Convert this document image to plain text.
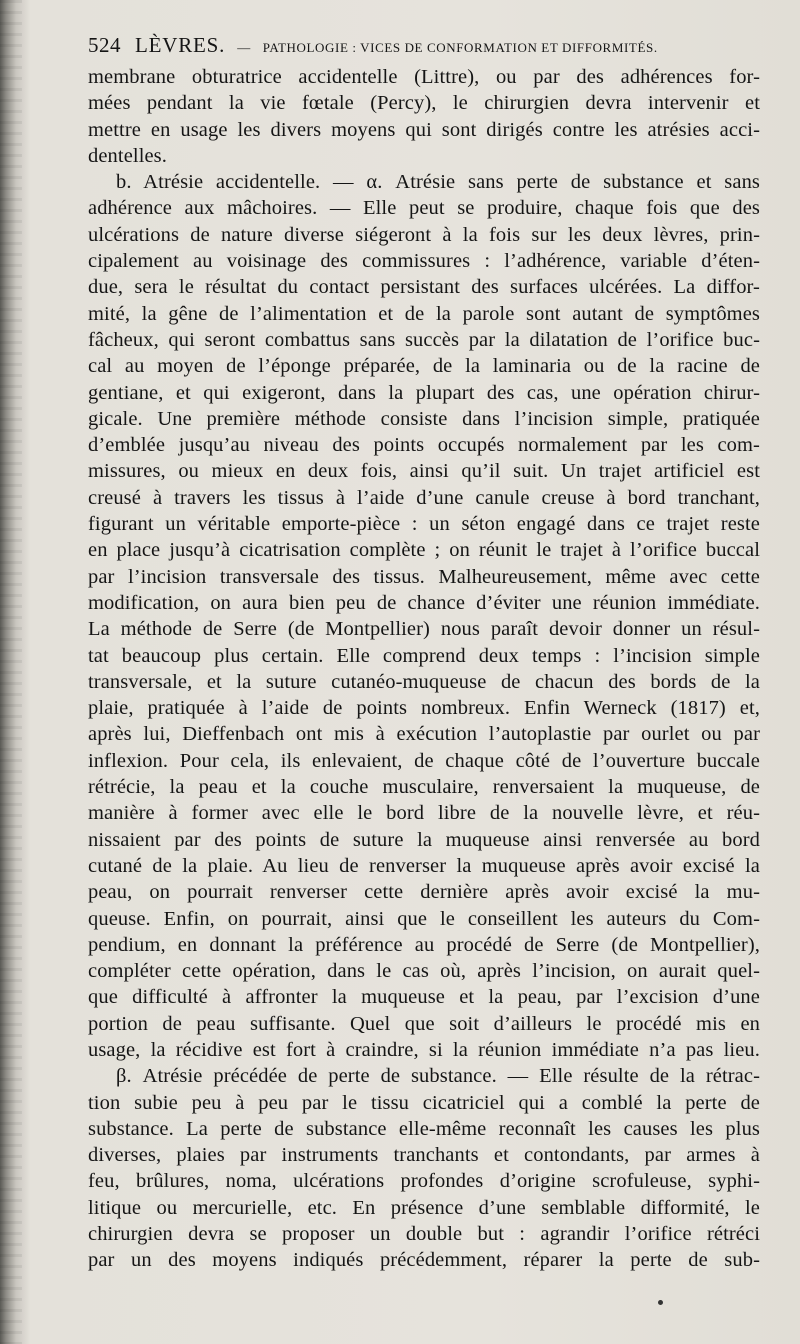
524 LÈVRES. — PATHOLOGIE : VICES DE CONFORMATION ET DIFFORMITÉS.
membrane obturatrice accidentelle (Littre), ou par des adhérences for-
mées pendant la vie fœtale (Percy), le chirurgien devra intervenir et
mettre en usage les divers moyens qui sont dirigés contre les atrésies acci-
dentelles.
b. Atrésie accidentelle. — α. Atrésie sans perte de substance et sans
adhérence aux mâchoires. — Elle peut se produire, chaque fois que des
ulcérations de nature diverse siégeront à la fois sur les deux lèvres, prin-
cipalement au voisinage des commissures : l’adhérence, variable d’éten-
due, sera le résultat du contact persistant des surfaces ulcérées. La diffor-
mité, la gêne de l’alimentation et de la parole sont autant de symptômes
fâcheux, qui seront combattus sans succès par la dilatation de l’orifice buc-
cal au moyen de l’éponge préparée, de la laminaria ou de la racine de
gentiane, et qui exigeront, dans la plupart des cas, une opération chirur-
gicale. Une première méthode consiste dans l’incision simple, pratiquée
d’emblée jusqu’au niveau des points occupés normalement par les com-
missures, ou mieux en deux fois, ainsi qu’il suit. Un trajet artificiel est
creusé à travers les tissus à l’aide d’une canule creuse à bord tranchant,
figurant un véritable emporte-pièce : un séton engagé dans ce trajet reste
en place jusqu’à cicatrisation complète ; on réunit le trajet à l’orifice buccal
par l’incision transversale des tissus. Malheureusement, même avec cette
modification, on aura bien peu de chance d’éviter une réunion immédiate.
La méthode de Serre (de Montpellier) nous paraît devoir donner un résul-
tat beaucoup plus certain. Elle comprend deux temps : l’incision simple
transversale, et la suture cutanéo-muqueuse de chacun des bords de la
plaie, pratiquée à l’aide de points nombreux. Enfin Werneck (1817) et,
après lui, Dieffenbach ont mis à exécution l’autoplastie par ourlet ou par
inflexion. Pour cela, ils enlevaient, de chaque côté de l’ouverture buccale
rétrécie, la peau et la couche musculaire, renversaient la muqueuse, de
manière à former avec elle le bord libre de la nouvelle lèvre, et réu-
nissaient par des points de suture la muqueuse ainsi renversée au bord
cutané de la plaie. Au lieu de renverser la muqueuse après avoir excisé la
peau, on pourrait renverser cette dernière après avoir excisé la mu-
queuse. Enfin, on pourrait, ainsi que le conseillent les auteurs du Com-
pendium, en donnant la préférence au procédé de Serre (de Montpellier),
compléter cette opération, dans le cas où, après l’incision, on aurait quel-
que difficulté à affronter la muqueuse et la peau, par l’excision d’une
portion de peau suffisante. Quel que soit d’ailleurs le procédé mis en
usage, la récidive est fort à craindre, si la réunion immédiate n’a pas lieu.
β. Atrésie précédée de perte de substance. — Elle résulte de la rétrac-
tion subie peu à peu par le tissu cicatriciel qui a comblé la perte de
substance. La perte de substance elle-même reconnaît les causes les plus
diverses, plaies par instruments tranchants et contondants, par armes à
feu, brûlures, noma, ulcérations profondes d’origine scrofuleuse, syphi-
litique ou mercurielle, etc. En présence d’une semblable difformité, le
chirurgien devra se proposer un double but : agrandir l’orifice rétréci
par un des moyens indiqués précédemment, réparer la perte de sub-
